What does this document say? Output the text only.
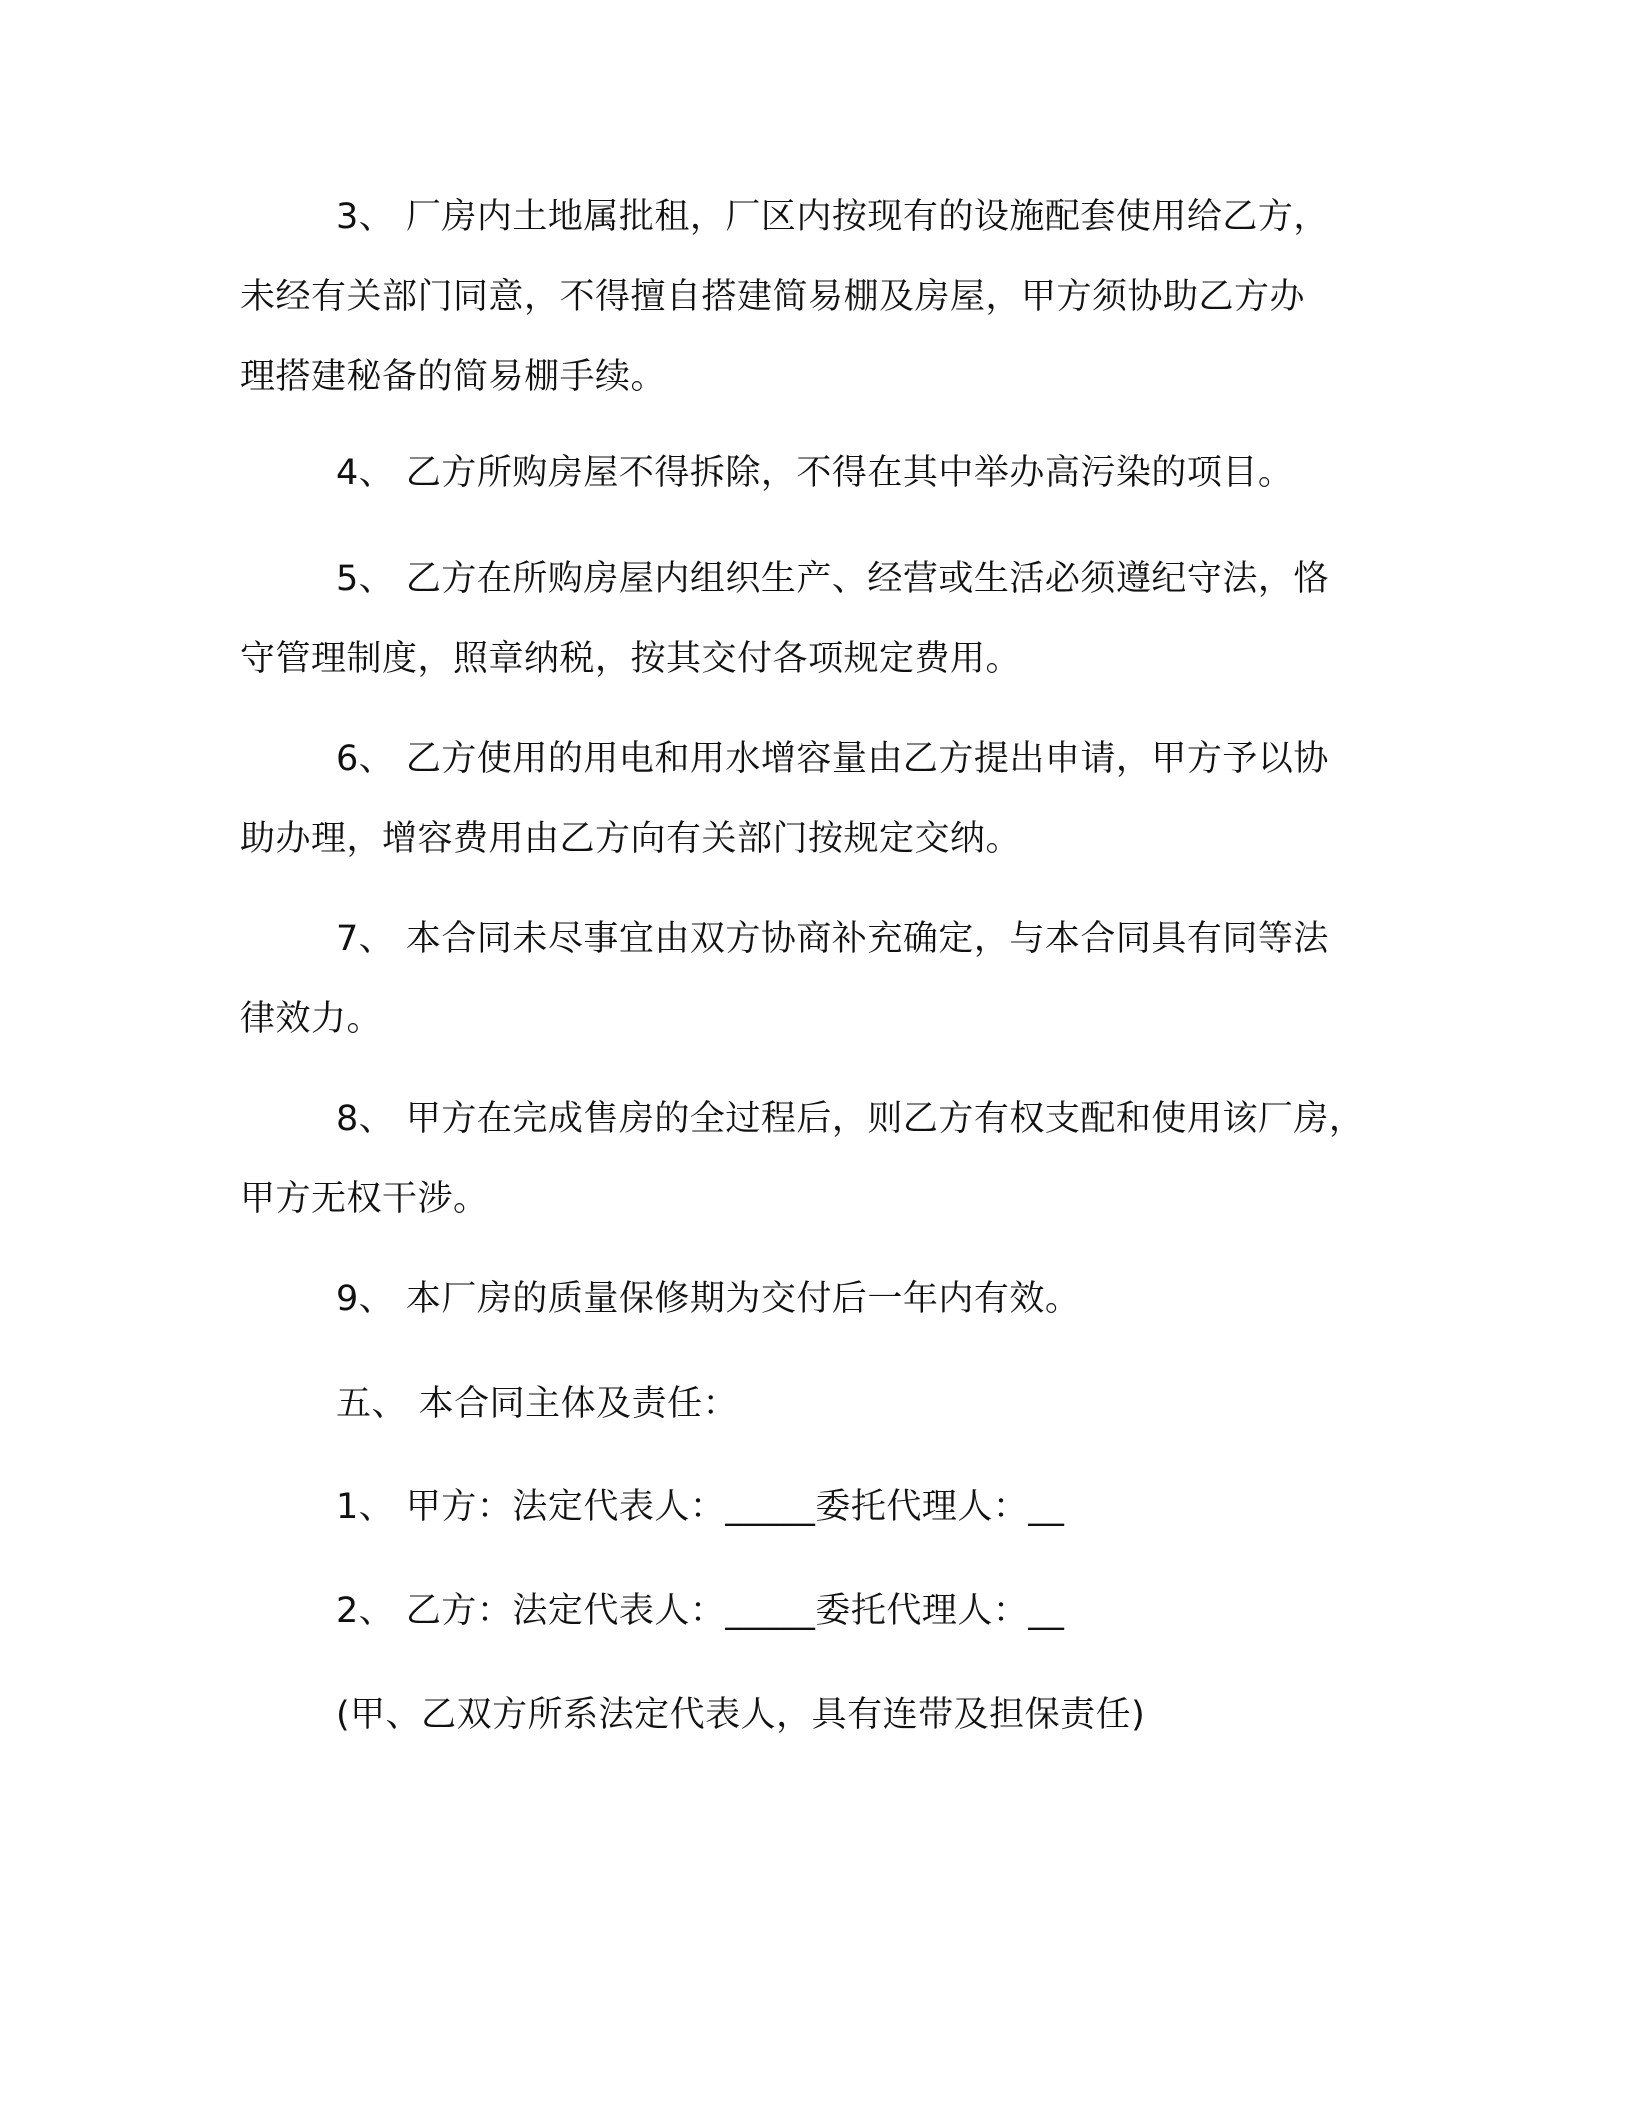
3、 厂房内土地属批租，厂区内按现有的设施配套使用给乙方，
未经有关部门同意，不得擅自搭建简易棚及房屋，甲方须协助乙方办
理搭建秘备的简易棚手续。
4、 乙方所购房屋不得拆除，不得在其中举办高污染的项目。
5、 乙方在所购房屋内组织生产、经营或生活必须遵纪守法，恪
守管理制度，照章纳税，按其交付各项规定费用。
6、 乙方使用的用电和用水增容量由乙方提出申请，甲方予以协
助办理，增容费用由乙方向有关部门按规定交纳。
7、 本合同未尽事宜由双方协商补充确定，与本合同具有同等法
律效力。
8、 甲方在完成售房的全过程后，则乙方有权支配和使用该厂房，
甲方无权干涉。
9、 本厂房的质量保修期为交付后一年内有效。
五、 本合同主体及责任：
1、 甲方：法定代表人：_____委托代理人：__
2、 乙方：法定代表人：_____委托代理人：__
(甲、乙双方所系法定代表人，具有连带及担保责任)
